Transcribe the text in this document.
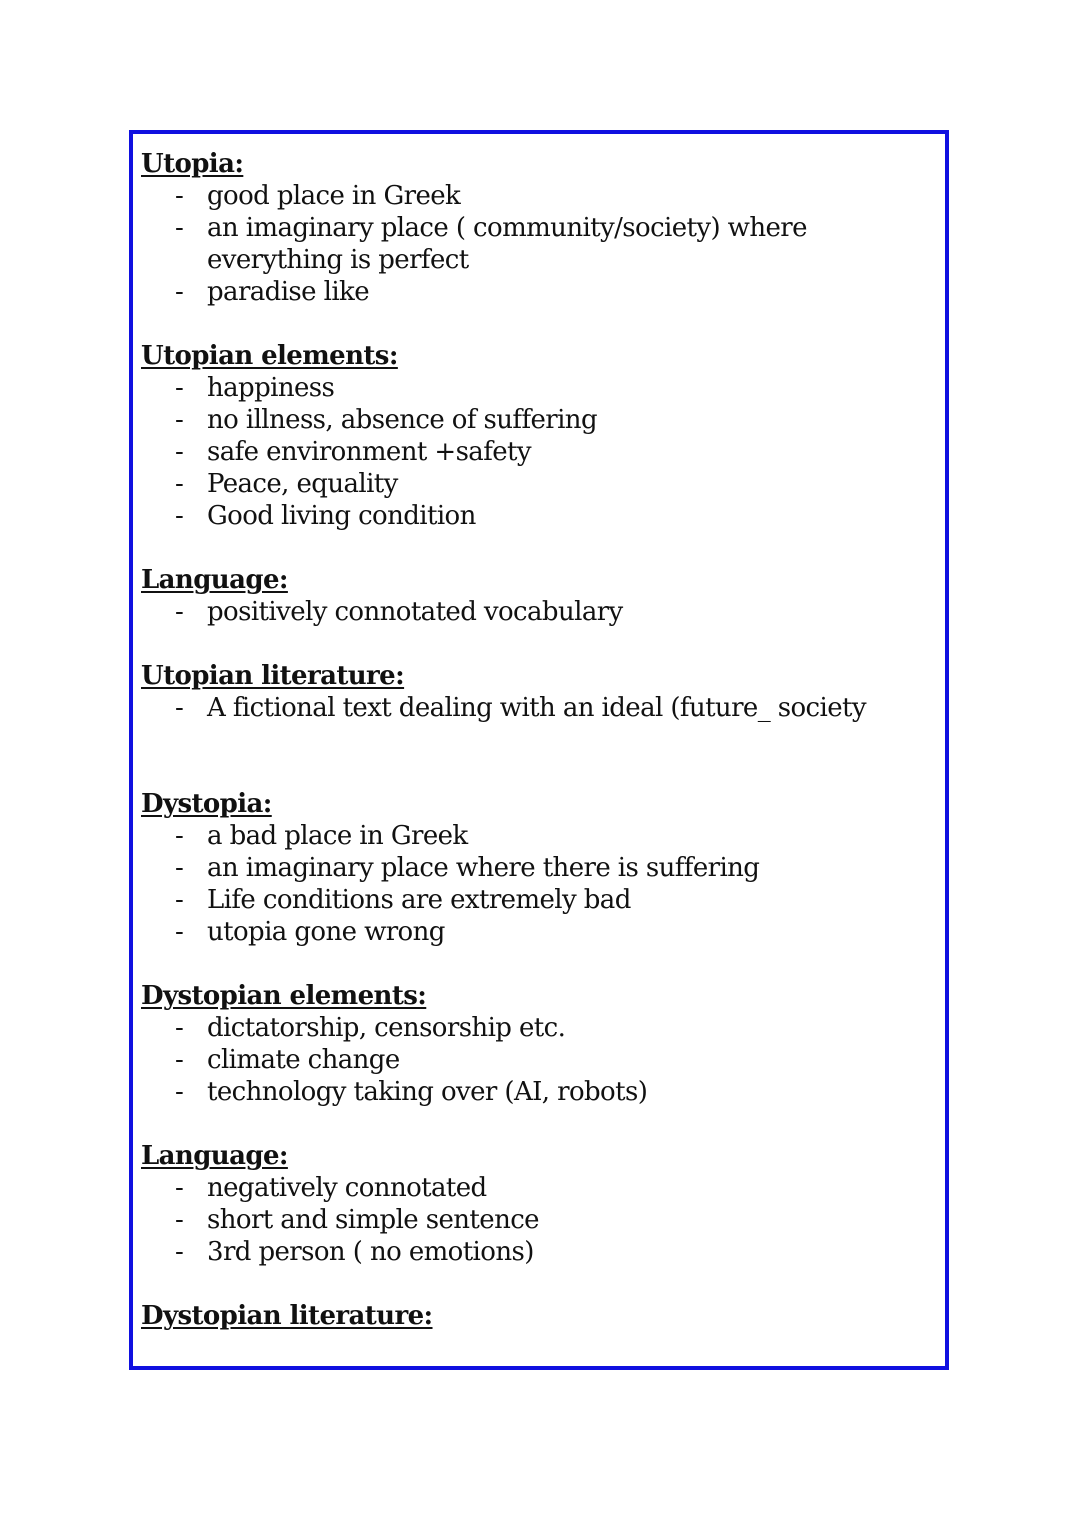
Utopia:
- good place in Greek
- an imaginary place ( community/society) where everything is perfect
- paradise like
Utopian elements:
- happiness
- no illness, absence of suffering
- safe environment +safety
- Peace, equality
- Good living condition
Language:
- positively connotated vocabulary
Utopian literature:
- A fictional text dealing with an ideal (future_ society
Dystopia:
- a bad place in Greek
- an imaginary place where there is suffering
- Life conditions are extremely bad
- utopia gone wrong
Dystopian elements:
- dictatorship, censorship etc.
- climate change
- technology taking over (AI, robots)
Language:
- negatively connotated
- short and simple sentence
- 3rd person ( no emotions)
Dystopian literature:
